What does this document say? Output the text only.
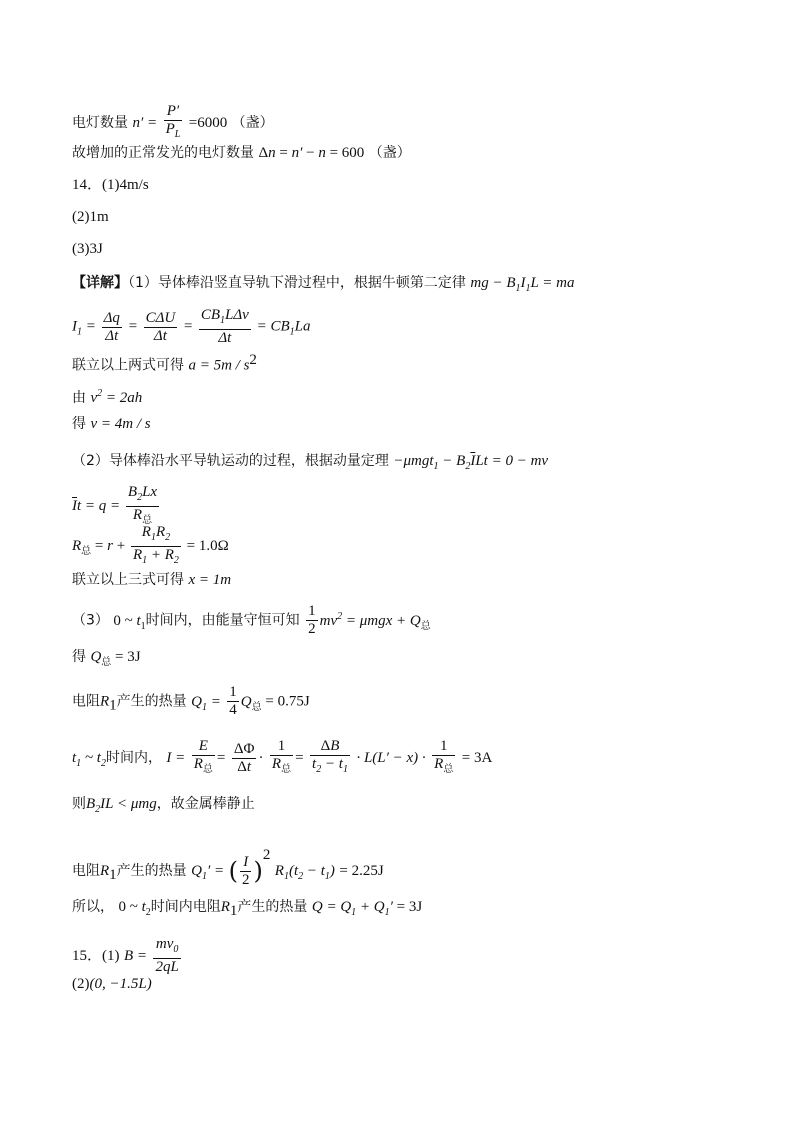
电灯数量 $n' = \frac{P'}{P_L} =6000$ （盏）
故增加的正常发光的电灯数量 Δn = n′ − n = 600 （盏）
14．(1)4m/s
(2)1m
(3)3J
【详解】（1）导体棒沿竖直导轨下滑过程中，根据牛顿第二定律 mg − $B_1I_1L$ = ma
$I_1 = \frac{\Delta q}{\Delta t} = \frac{\text{CΔU}}{\Delta t} = \frac{CB_1L\Delta v}{\Delta t} = CB_1La$
联立以上两式可得 $a = 5m / s^2$
由 $v^2 = 2ah$
得 v = 4m / s
（2）导体棒沿水平导轨运动的过程，根据动量定理 $-\mu mgt_1 - B_2\overline{I}Lt = 0$ − mv
$\overline{I}t = q = \frac{B_2Lx}{R_总}$
$R_总 = r + \frac{R_1R_2}{R_1 + R_2} = 1.0\Omega$
联立以上三式可得 x = 1m
（3） 0 ~ $t_1$时间内，由能量守恒可知 $\frac{1}{2} mv^2 = \mu mgx + Q_总$
得 $Q_总 = 3J$
电阻$R_1$产生的热量 $Q_1 = \frac{1}{4} Q_总 = 0.75J$
$t_1$ ~ $t_2$时间内， $I = \frac{E}{R_总} = \frac{\Delta\Phi}{\Delta t} \cdot \frac{1}{R_总} = \frac{\Delta B}{t_2 - t_1} \cdot L(L' - x) \cdot \frac{1}{R_总} = 3A$
则$B_2IL < \mu mg$，故金属棒静止
电阻$R_1$产生的热量 $Q_1'$ = ( $\frac{I}{2} )^2$ $R_1(t_2 - t_1) = 2.25J$
所以， 0 ~ $t_2$时间内电阻$R_1$产生的热量 $Q = Q_1 + Q_1' = 3J$
15．(1) $B = \frac{mv_0}{2qL}$
(2)(0, −1.5L)
